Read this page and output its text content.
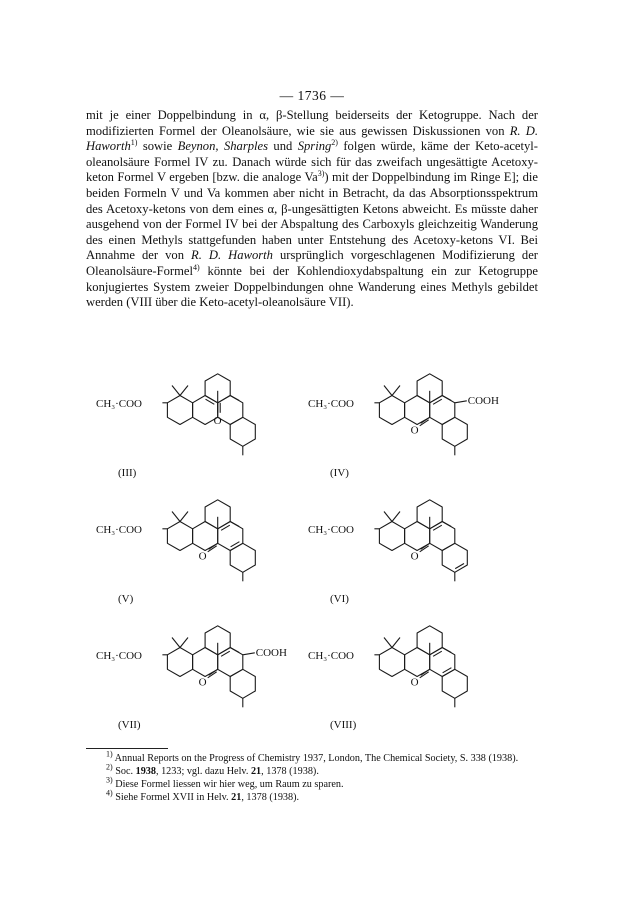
— 1736 —

mit je einer Doppelbindung in α, β-Stellung beiderseits der Ketogruppe. Nach der modifizierten Formel der Oleanolsäure, wie sie aus gewissen Diskussionen von R. D. Haworth$^{1)}$ sowie Beynon, Sharples und Spring$^{2)}$ folgen würde, käme der Keto-acetyl-oleanolsäure Formel IV zu. Danach würde sich für das zweifach ungesättigte Acetoxy-keton Formel V ergeben [bzw. die analoge Va$^{3)}$) mit der Doppelbindung im Ringe E]; die beiden Formeln V und Va kommen aber nicht in Betracht, da das Absorptionsspektrum des Acetoxy-ketons von dem eines α, β-ungesättigten Ketons abweicht. Es müsste daher ausgehend von der Formel IV bei der Abspaltung des Carboxyls gleichzeitig Wanderung des einen Methyls stattgefunden haben unter Entstehung des Acetoxy-ketons VI. Bei Annahme der von R. D. Haworth ursprünglich vorgeschlagenen Modifizierung der Oleanolsäure-Formel$^{4)}$ könnte bei der Kohlendioxydabspaltung ein zur Ketogruppe konjugiertes System zweier Doppelbindungen ohne Wanderung eines Methyls gebildet werden (VIII über die Keto-acetyl-oleanolsäure VII).

CH₃·COO
O
(III)
CH₃·COO
O
COOH
(IV)
CH₃·COO
O
(V)
CH₃·COO
O
(VI)
CH₃·COO
O
COOH
(VII)
CH₃·COO
O
(VIII)
$^{1)}$ Annual Reports on the Progress of Chemistry 1937, London, The Chemical Society, S. 338 (1938).
$^{2)}$ Soc. 1938, 1233; vgl. dazu Helv. 21, 1378 (1938).
$^{3)}$ Diese Formel liessen wir hier weg, um Raum zu sparen.
$^{4)}$ Siehe Formel XVII in Helv. 21, 1378 (1938).
